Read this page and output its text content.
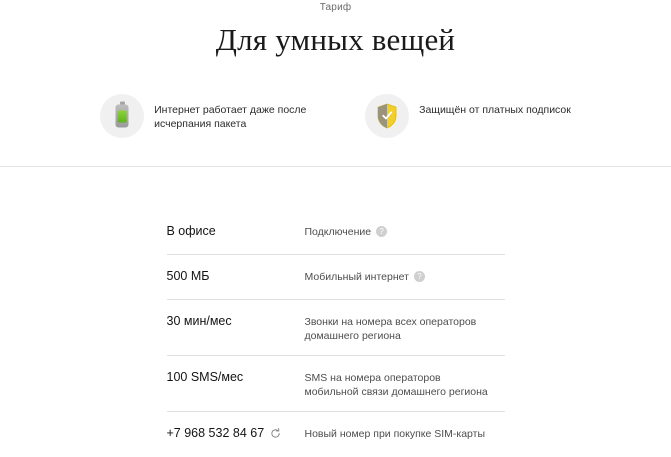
Тариф
Для умных вещей
Интернет работает даже после исчерпания пакета
Защищён от платных подписок
В офисе	Подключение	?
500 МБ	Мобильный интернет	?
30 мин/мес	Звонки на номера всех операторов домашнего региона
100 SMS/мес	SMS на номера операторов мобильной связи домашнего региона
+7 968 532 84 67	Новый номер при покупке SIM-карты
